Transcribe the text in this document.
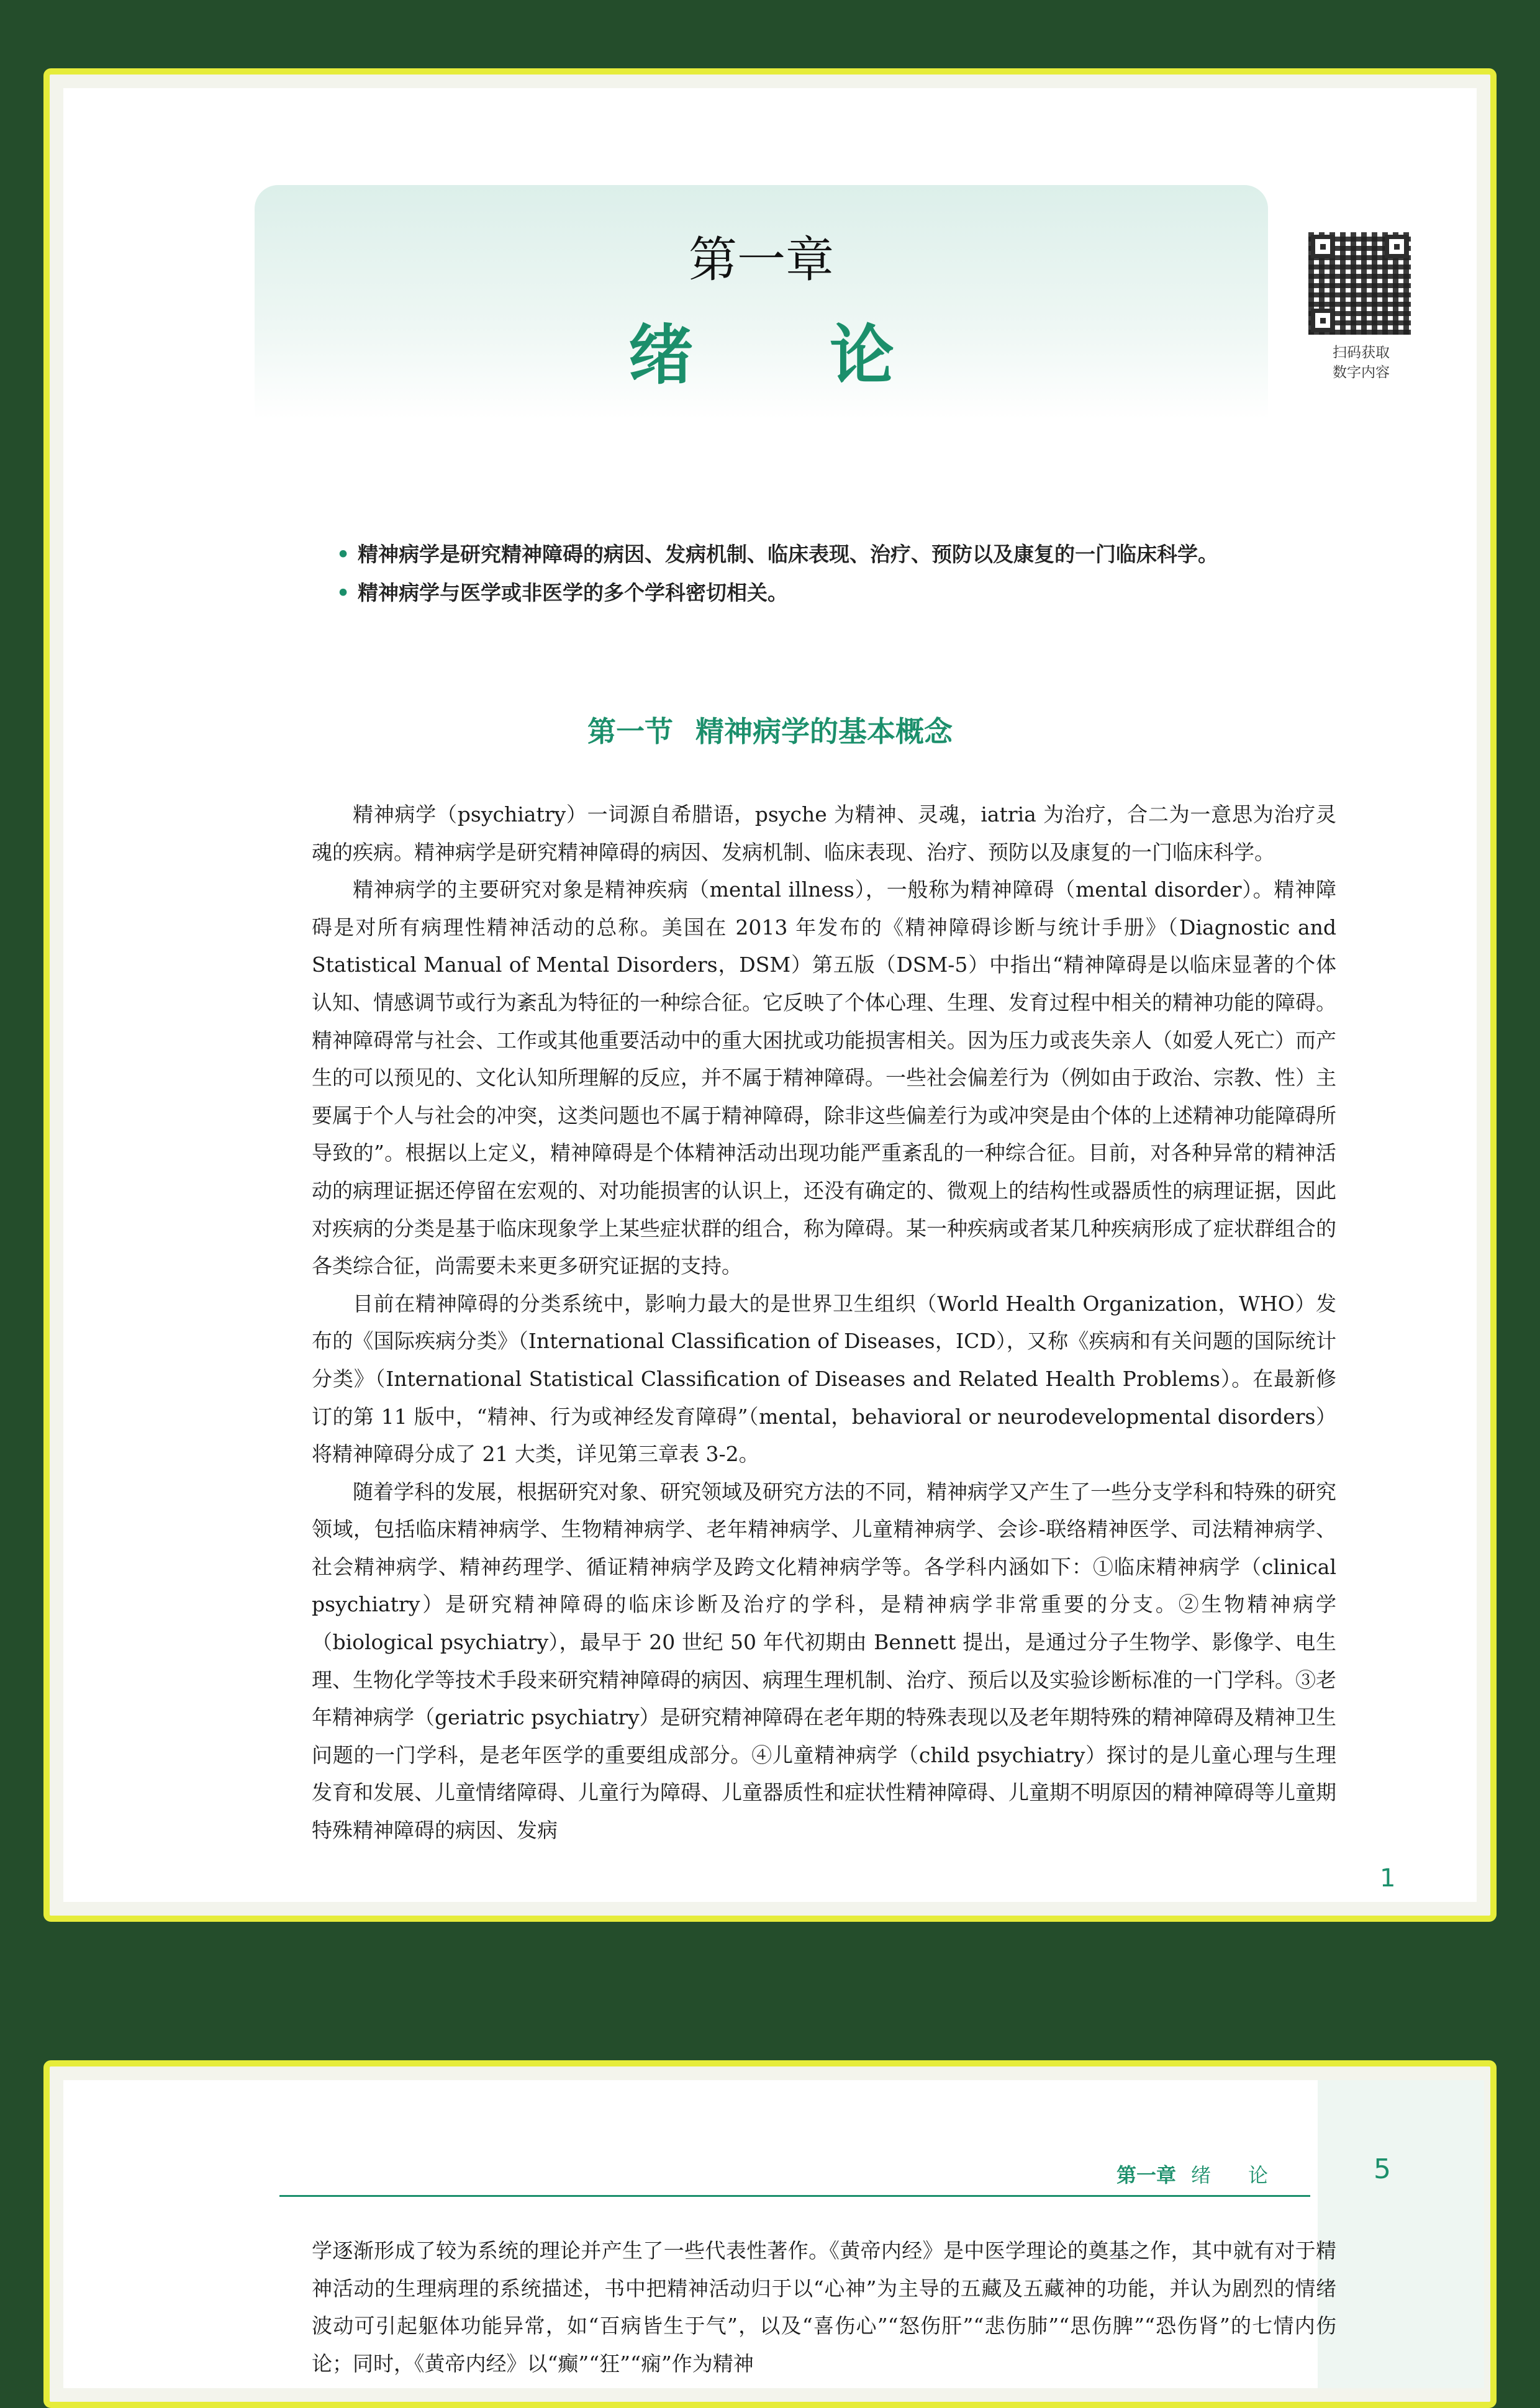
第一章
绪论	扫码获取
数字内容
• 精神病学是研究精神障碍的病因、发病机制、临床表现、治疗、预防以及康复的一门临床科学。
• 精神病学与医学或非医学的多个学科密切相关。
第一节 精神病学的基本概念

精神病学（psychiatry）一词源自希腊语，psyche 为精神、灵魂，iatria 为治疗，合二为一意思为治疗灵魂的疾病。精神病学是研究精神障碍的病因、发病机制、临床表现、治疗、预防以及康复的一门临床科学。

精神病学的主要研究对象是精神疾病（mental illness），一般称为精神障碍（mental disorder）。精神障碍是对所有病理性精神活动的总称。美国在 2013 年发布的《精神障碍诊断与统计手册》（Diagnostic and Statistical Manual of Mental Disorders，DSM）第五版（DSM-5）中指出“精神障碍是以临床显著的个体认知、情感调节或行为紊乱为特征的一种综合征。它反映了个体心理、生理、发育过程中相关的精神功能的障碍。精神障碍常与社会、工作或其他重要活动中的重大困扰或功能损害相关。因为压力或丧失亲人（如爱人死亡）而产生的可以预见的、文化认知所理解的反应，并不属于精神障碍。一些社会偏差行为（例如由于政治、宗教、性）主要属于个人与社会的冲突，这类问题也不属于精神障碍，除非这些偏差行为或冲突是由个体的上述精神功能障碍所导致的”。根据以上定义，精神障碍是个体精神活动出现功能严重紊乱的一种综合征。目前，对各种异常的精神活动的病理证据还停留在宏观的、对功能损害的认识上，还没有确定的、微观上的结构性或器质性的病理证据，因此对疾病的分类是基于临床现象学上某些症状群的组合，称为障碍。某一种疾病或者某几种疾病形成了症状群组合的各类综合征，尚需要未来更多研究证据的支持。

目前在精神障碍的分类系统中，影响力最大的是世界卫生组织（World Health Organization，WHO）发布的《国际疾病分类》（International Classification of Diseases，ICD），又称《疾病和有关问题的国际统计分类》（International Statistical Classification of Diseases and Related Health Problems）。在最新修订的第 11 版中，“精神、行为或神经发育障碍”（mental，behavioral or neurodevelopmental disorders）将精神障碍分成了 21 大类，详见第三章表 3-2。

随着学科的发展，根据研究对象、研究领域及研究方法的不同，精神病学又产生了一些分支学科和特殊的研究领域，包括临床精神病学、生物精神病学、老年精神病学、儿童精神病学、会诊-联络精神医学、司法精神病学、社会精神病学、精神药理学、循证精神病学及跨文化精神病学等。各学科内涵如下：①临床精神病学（clinical psychiatry）是研究精神障碍的临床诊断及治疗的学科，是精神病学非常重要的分支。②生物精神病学（biological psychiatry），最早于 20 世纪 50 年代初期由 Bennett 提出，是通过分子生物学、影像学、电生理、生物化学等技术手段来研究精神障碍的病因、病理生理机制、治疗、预后以及实验诊断标准的一门学科。③老年精神病学（geriatric psychiatry）是研究精神障碍在老年期的特殊表现以及老年期特殊的精神障碍及精神卫生问题的一门学科，是老年医学的重要组成部分。④儿童精神病学（child psychiatry）探讨的是儿童心理与生理发育和发展、儿童情绪障碍、儿童行为障碍、儿童器质性和症状性精神障碍、儿童期不明原因的精神障碍等儿童期特殊精神障碍的病因、发病

1
第一章 绪论	5

学逐渐形成了较为系统的理论并产生了一些代表性著作。《黄帝内经》是中医学理论的奠基之作，其中就有对于精神活动的生理病理的系统描述，书中把精神活动归于以“心神”为主导的五藏及五藏神的功能，并认为剧烈的情绪波动可引起躯体功能异常，如“百病皆生于气”，以及“喜伤心”“怒伤肝”“悲伤肺”“思伤脾”“恐伤肾”的七情内伤论；同时，《黄帝内经》以“癫”“狂”“痫”作为精神
